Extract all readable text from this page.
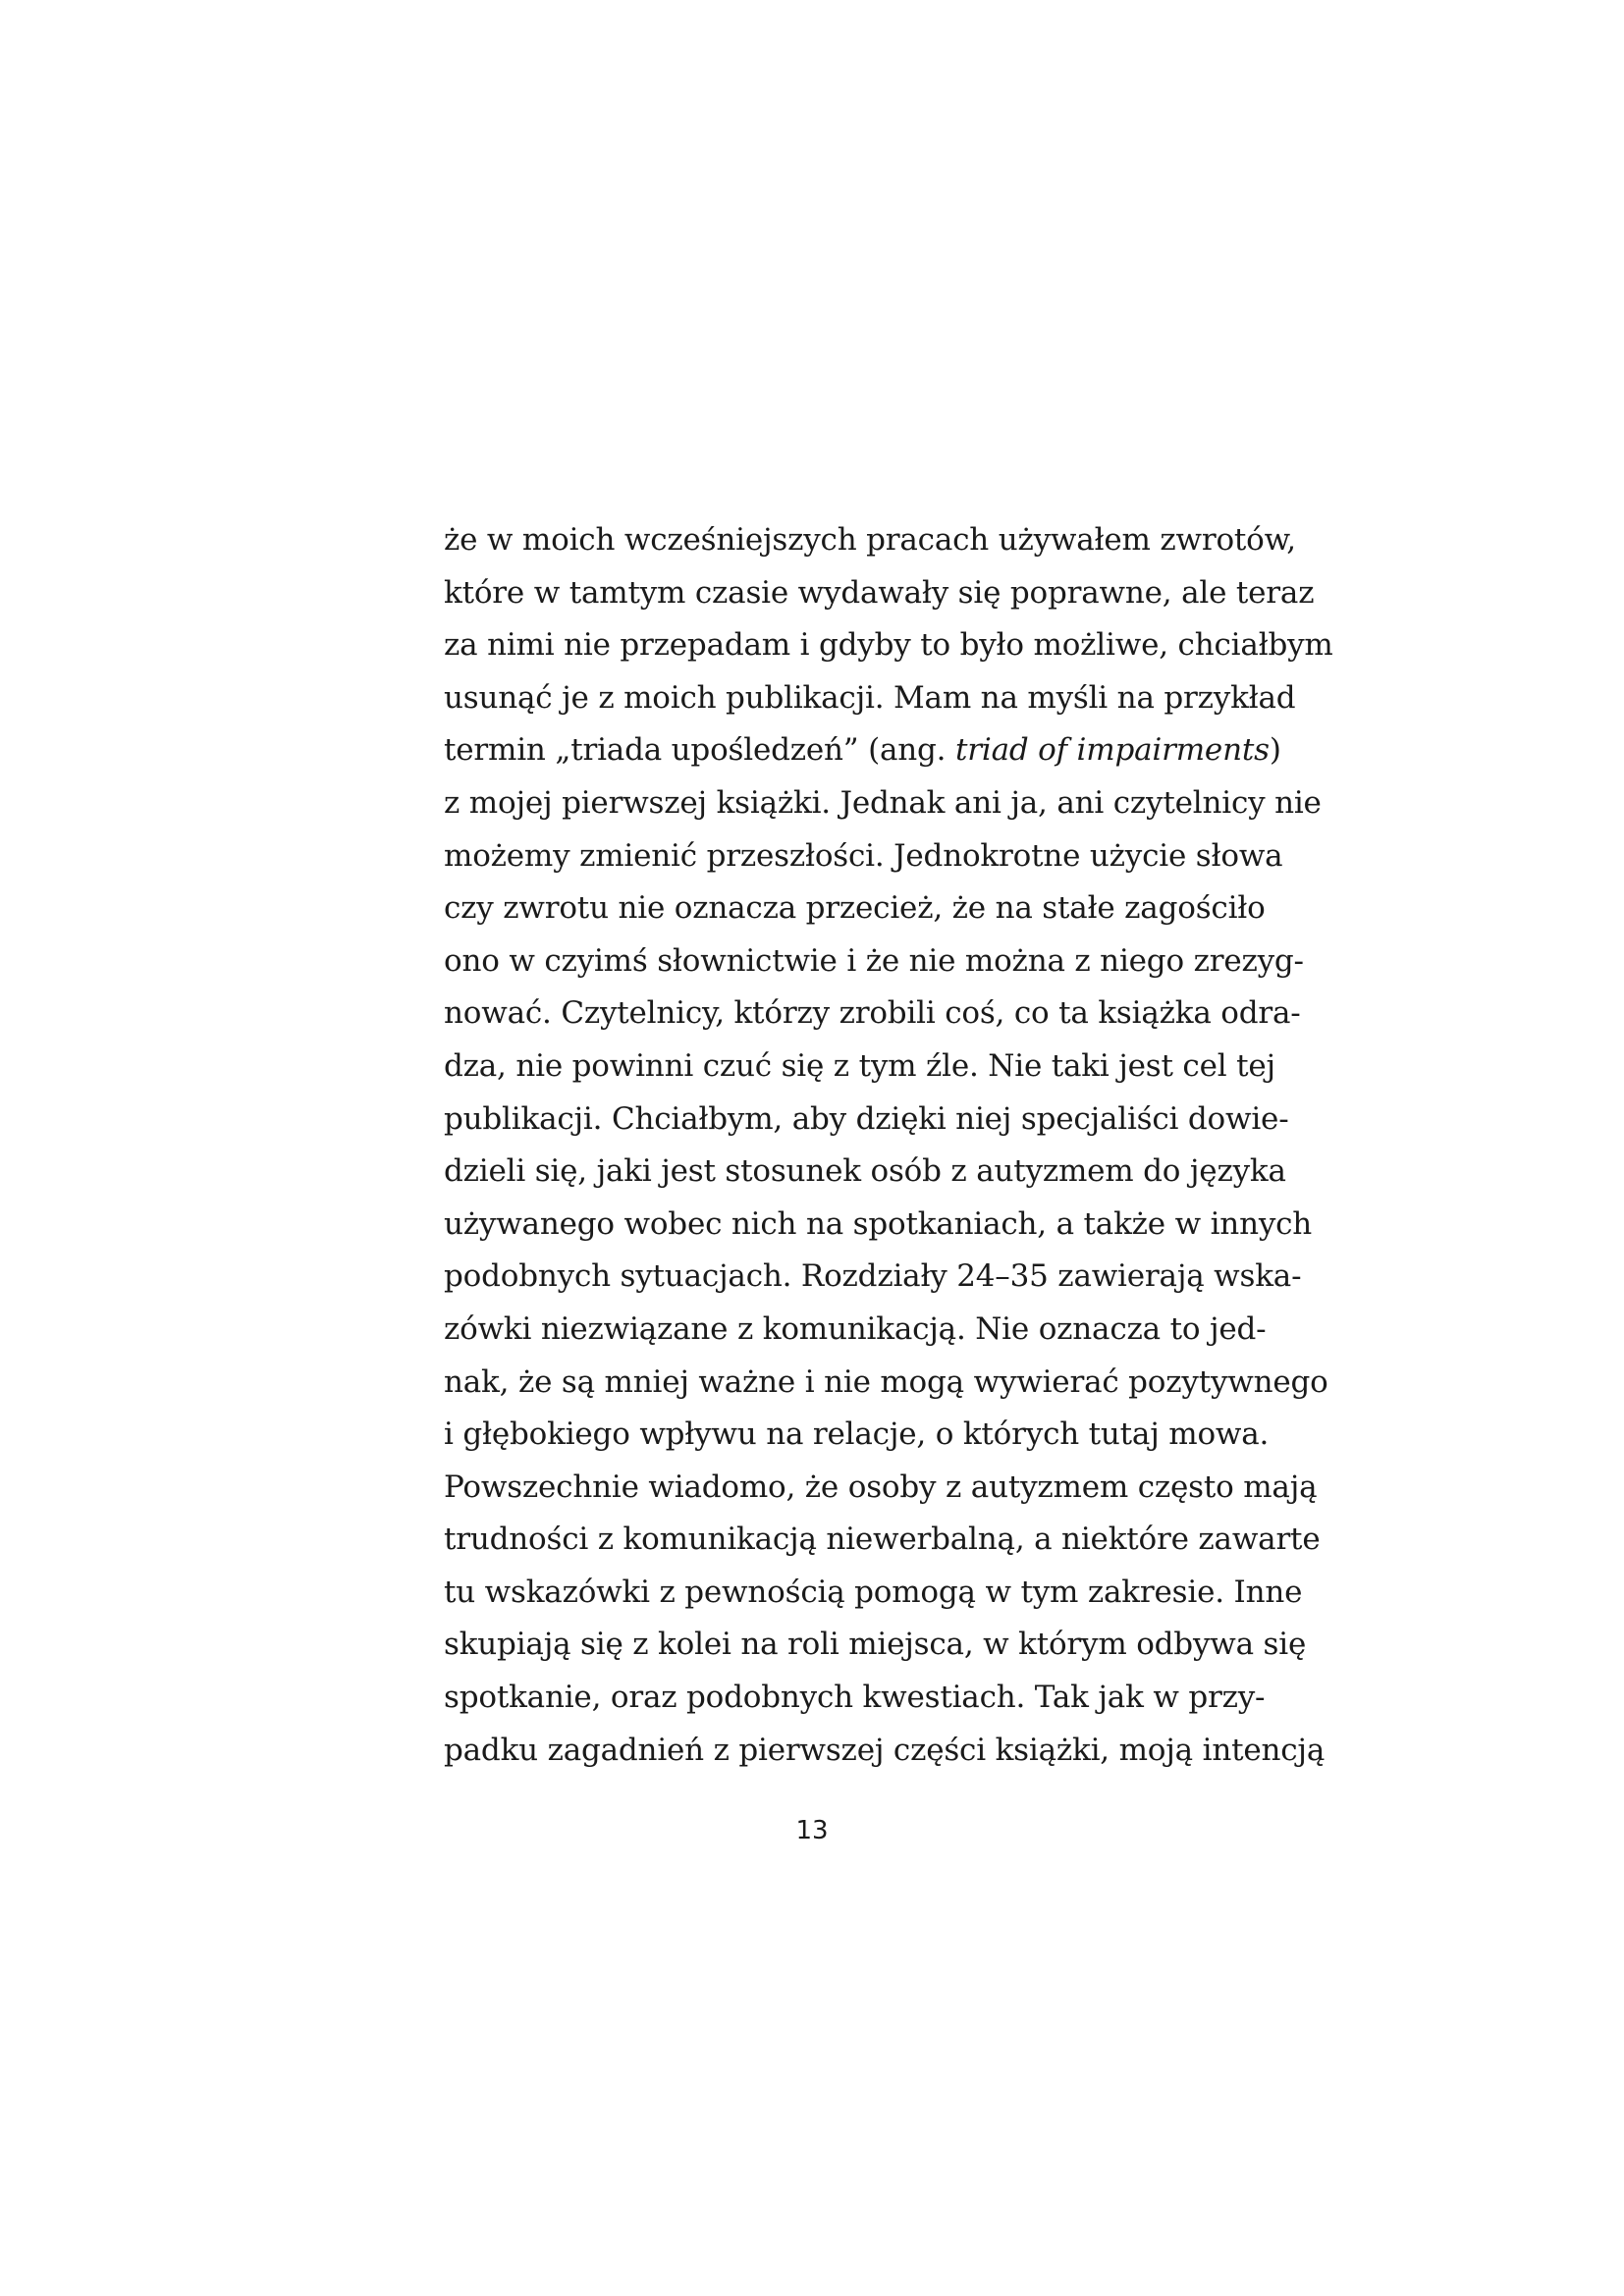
że w moich wcześniejszych pracach używałem zwrotów,
które w tamtym czasie wydawały się poprawne, ale teraz
za nimi nie przepadam i gdyby to było możliwe, chciałbym
usunąć je z moich publikacji. Mam na myśli na przykład
termin „triada upośledzeń” (ang. triad of impairments)
z mojej pierwszej książki. Jednak ani ja, ani czytelnicy nie
możemy zmienić przeszłości. Jednokrotne użycie słowa
czy zwrotu nie oznacza przecież, że na stałe zagościło
ono w czyimś słownictwie i że nie można z niego zrezyg-
nować. Czytelnicy, którzy zrobili coś, co ta książka odra-
dza, nie powinni czuć się z tym źle. Nie taki jest cel tej
publikacji. Chciałbym, aby dzięki niej specjaliści dowie-
dzieli się, jaki jest stosunek osób z autyzmem do języka
używanego wobec nich na spotkaniach, a także w innych
podobnych sytuacjach. Rozdziały 24–35 zawierają wska-
zówki niezwiązane z komunikacją. Nie oznacza to jed-
nak, że są mniej ważne i nie mogą wywierać pozytywnego
i głębokiego wpływu na relacje, o których tutaj mowa.
Powszechnie wiadomo, że osoby z autyzmem często mają
trudności z komunikacją niewerbalną, a niektóre zawarte
tu wskazówki z pewnością pomogą w tym zakresie. Inne
skupiają się z kolei na roli miejsca, w którym odbywa się
spotkanie, oraz podobnych kwestiach. Tak jak w przy-
padku zagadnień z pierwszej części książki, moją intencją
13
